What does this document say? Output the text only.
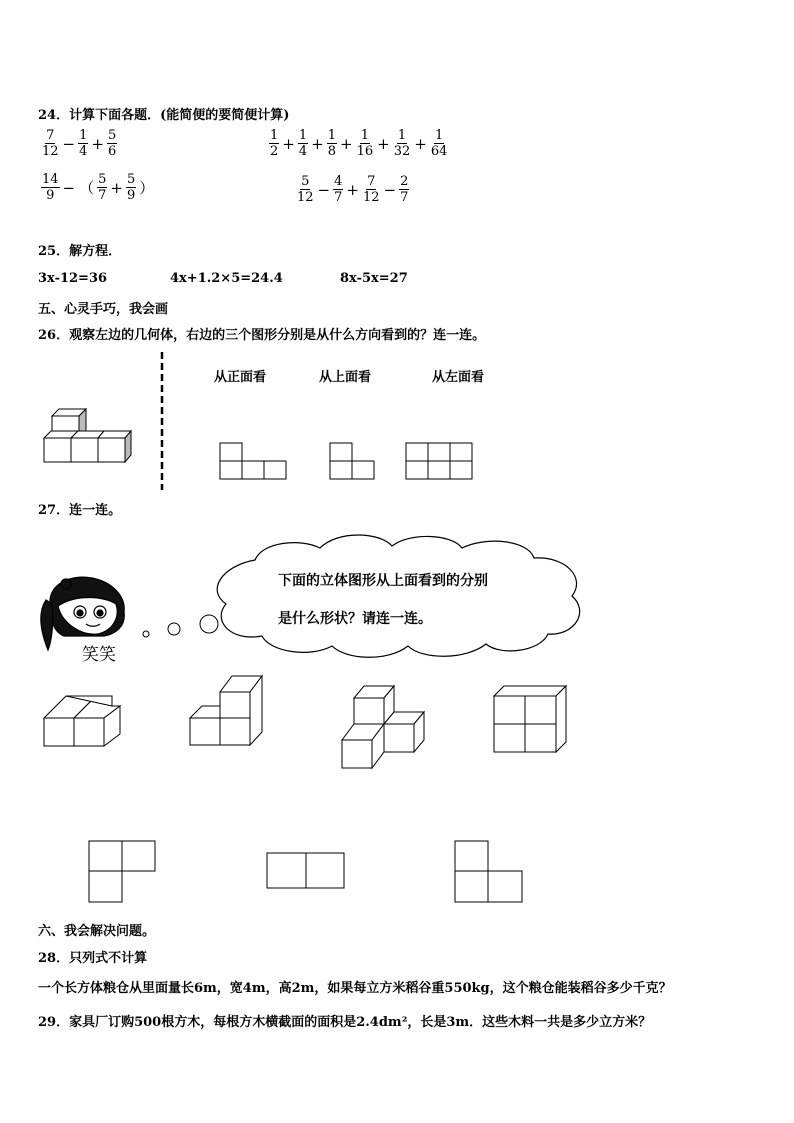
24．计算下面各题．(能简便的要简便计算)
$\frac{7}{12} - \frac{1}{4} + \frac{5}{6}$	$\frac{1}{2} + \frac{1}{4} + \frac{1}{8} + \frac{1}{16} + \frac{1}{32} + \frac{1}{64}$
$\frac{14}{9}$ − （ $\frac{5}{7} + \frac{5}{9}$ ）	$\frac{5}{12} - \frac{4}{7} + \frac{7}{12} - \frac{2}{7}$
25．解方程．
3x-12=36	4x+1.2×5=24.4	8x-5x=27
五、心灵手巧，我会画
26．观察左边的几何体，右边的三个图形分别是从什么方向看到的？连一连。
从正面看	从上面看	从左面看
27．连一连。
下面的立体图形从上面看到的分别
是什么形状？请连一连。
笑笑
六、我会解决问题。
28．只列式不计算
一个长方体粮仓从里面量长6m，宽4m，高2m，如果每立方米稻谷重550kg，这个粮仓能装稻谷多少千克？
29．家具厂订购500根方木，每根方木横截面的面积是2.4dm²，长是3m．这些木料一共是多少立方米？
